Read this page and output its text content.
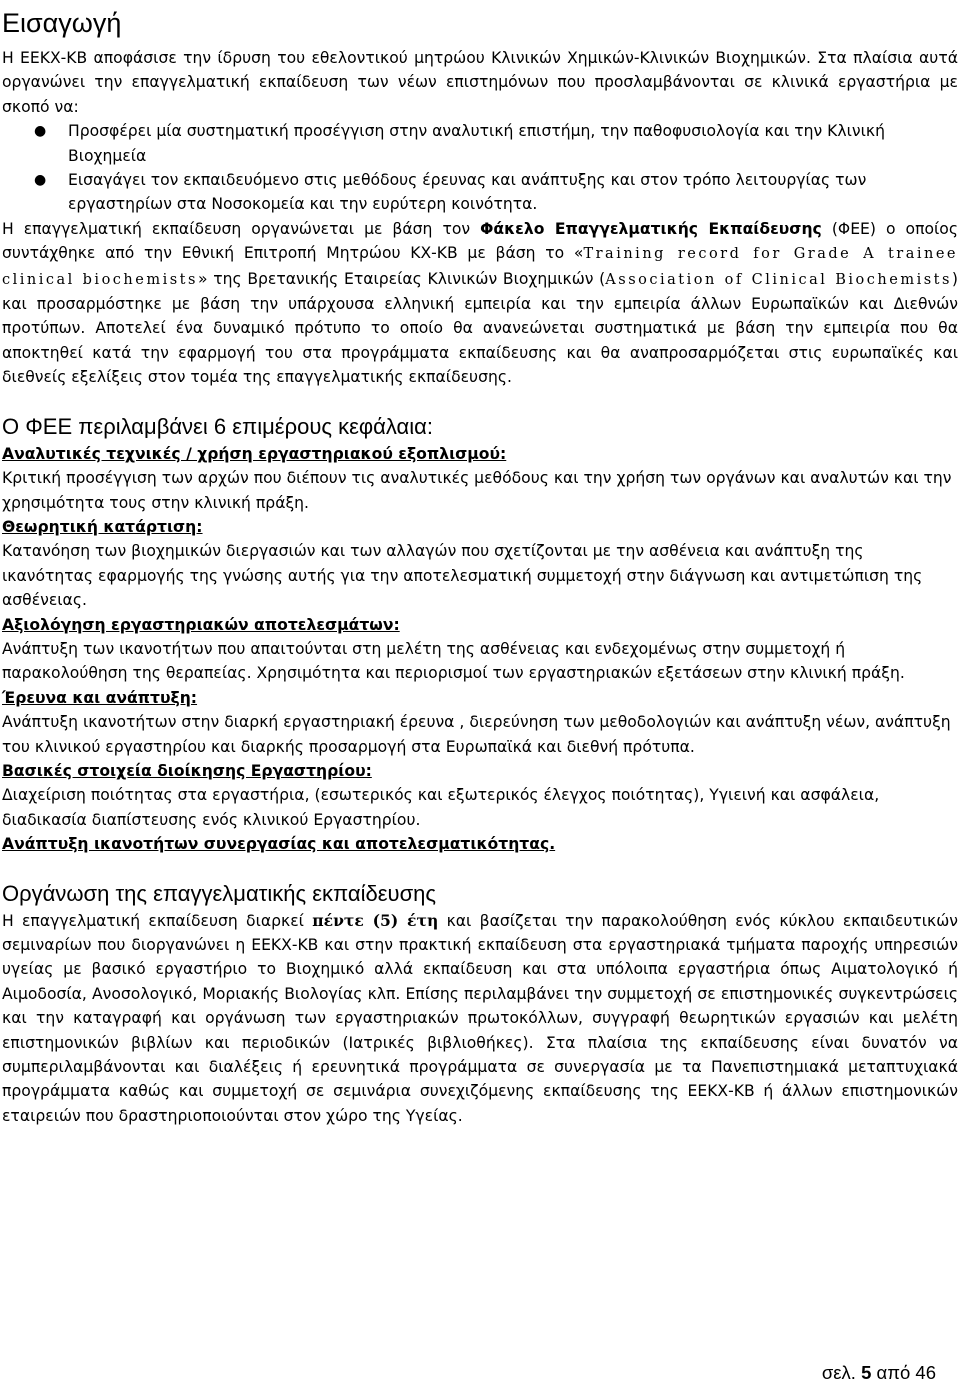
Εισαγωγή

Η ΕΕΚΧ-ΚΒ αποφάσισε την ίδρυση του εθελοντικού μητρώου Κλινικών Χημικών-Κλινικών Βιοχημικών. Στα πλαίσια αυτά οργανώνει την επαγγελματική εκπαίδευση των νέων επιστημόνων που προσλαμβάνονται σε κλινικά εργαστήρια με σκοπό να:

● Προσφέρει μία συστηματική προσέγγιση στην αναλυτική επιστήμη, την παθοφυσιολογία και την Κλινική Βιοχημεία
● Εισαγάγει τον εκπαιδευόμενο στις μεθόδους έρευνας και ανάπτυξης και στον τρόπο λειτουργίας των εργαστηρίων στα Νοσοκομεία και την ευρύτερη κοινότητα.

Η επαγγελματική εκπαίδευση οργανώνεται με βάση τον Φάκελο Επαγγελματικής Εκπαίδευσης (ΦΕΕ) ο οποίος συντάχθηκε από την Εθνική Επιτροπή Μητρώου ΚΧ-ΚΒ με βάση το «Training record for Grade A trainee clinical biochemists» της Βρετανικής Εταιρείας Κλινικών Βιοχημικών (Association of Clinical Biochemists) και προσαρμόστηκε με βάση την υπάρχουσα ελληνική εμπειρία και την εμπειρία άλλων Ευρωπαϊκών και Διεθνών προτύπων. Αποτελεί ένα δυναμικό πρότυπο το οποίο θα ανανεώνεται συστηματικά με βάση την εμπειρία που θα αποκτηθεί κατά την εφαρμογή του στα προγράμματα εκπαίδευσης και θα αναπροσαρμόζεται στις ευρωπαϊκές και διεθνείς εξελίξεις στον τομέα της επαγγελματικής εκπαίδευσης.

Ο ΦΕΕ περιλαμβάνει 6 επιμέρους κεφάλαια:

Αναλυτικές τεχνικές / χρήση εργαστηριακού εξοπλισμού:

Κριτική προσέγγιση των αρχών που διέπουν τις αναλυτικές μεθόδους και την χρήση των οργάνων και αναλυτών και την χρησιμότητα τους στην κλινική πράξη.

Θεωρητική κατάρτιση:

Κατανόηση των βιοχημικών διεργασιών και των αλλαγών που σχετίζονται με την ασθένεια και ανάπτυξη της ικανότητας εφαρμογής της γνώσης αυτής για την αποτελεσματική συμμετοχή στην διάγνωση και αντιμετώπιση της ασθένειας.

Αξιολόγηση εργαστηριακών αποτελεσμάτων:

Ανάπτυξη των ικανοτήτων που απαιτούνται στη μελέτη της ασθένειας και ενδεχομένως στην συμμετοχή ή παρακολούθηση της θεραπείας. Χρησιμότητα και περιορισμοί των εργαστηριακών εξετάσεων στην κλινική πράξη.

Έρευνα και ανάπτυξη:

Ανάπτυξη ικανοτήτων στην διαρκή εργαστηριακή έρευνα , διερεύνηση των μεθοδολογιών και ανάπτυξη νέων, ανάπτυξη του κλινικού εργαστηρίου και διαρκής προσαρμογή στα Ευρωπαϊκά και διεθνή πρότυπα.

Βασικές στοιχεία διοίκησης Εργαστηρίου:

Διαχείριση ποιότητας στα εργαστήρια, (εσωτερικός και εξωτερικός έλεγχος ποιότητας), Υγιεινή και ασφάλεια, διαδικασία διαπίστευσης ενός κλινικού Εργαστηρίου.

Ανάπτυξη ικανοτήτων συνεργασίας και αποτελεσματικότητας.

Οργάνωση της επαγγελματικής εκπαίδευσης

Η επαγγελματική εκπαίδευση διαρκεί πέντε (5) έτη και βασίζεται την παρακολούθηση ενός κύκλου εκπαιδευτικών σεμιναρίων που διοργανώνει η ΕΕΚΧ-ΚΒ και στην πρακτική εκπαίδευση στα εργαστηριακά τμήματα παροχής υπηρεσιών υγείας με βασικό εργαστήριο το Βιοχημικό αλλά εκπαίδευση και στα υπόλοιπα εργαστήρια όπως Αιματολογικό ή Αιμοδοσία, Ανοσολογικό, Μοριακής Βιολογίας κλπ. Επίσης περιλαμβάνει την συμμετοχή σε επιστημονικές συγκεντρώσεις και την καταγραφή και οργάνωση των εργαστηριακών πρωτοκόλλων, συγγραφή θεωρητικών εργασιών και μελέτη επιστημονικών βιβλίων και περιοδικών (Ιατρικές βιβλιοθήκες). Στα πλαίσια της εκπαίδευσης είναι δυνατόν να συμπεριλαμβάνονται και διαλέξεις ή ερευνητικά προγράμματα σε συνεργασία με τα Πανεπιστημιακά μεταπτυχιακά προγράμματα καθώς και συμμετοχή σε σεμινάρια συνεχιζόμενης εκπαίδευσης της ΕΕΚΧ-ΚΒ ή άλλων επιστημονικών εταιρειών που δραστηριοποιούνται στον χώρο της Υγείας.

σελ. 5 από 46
